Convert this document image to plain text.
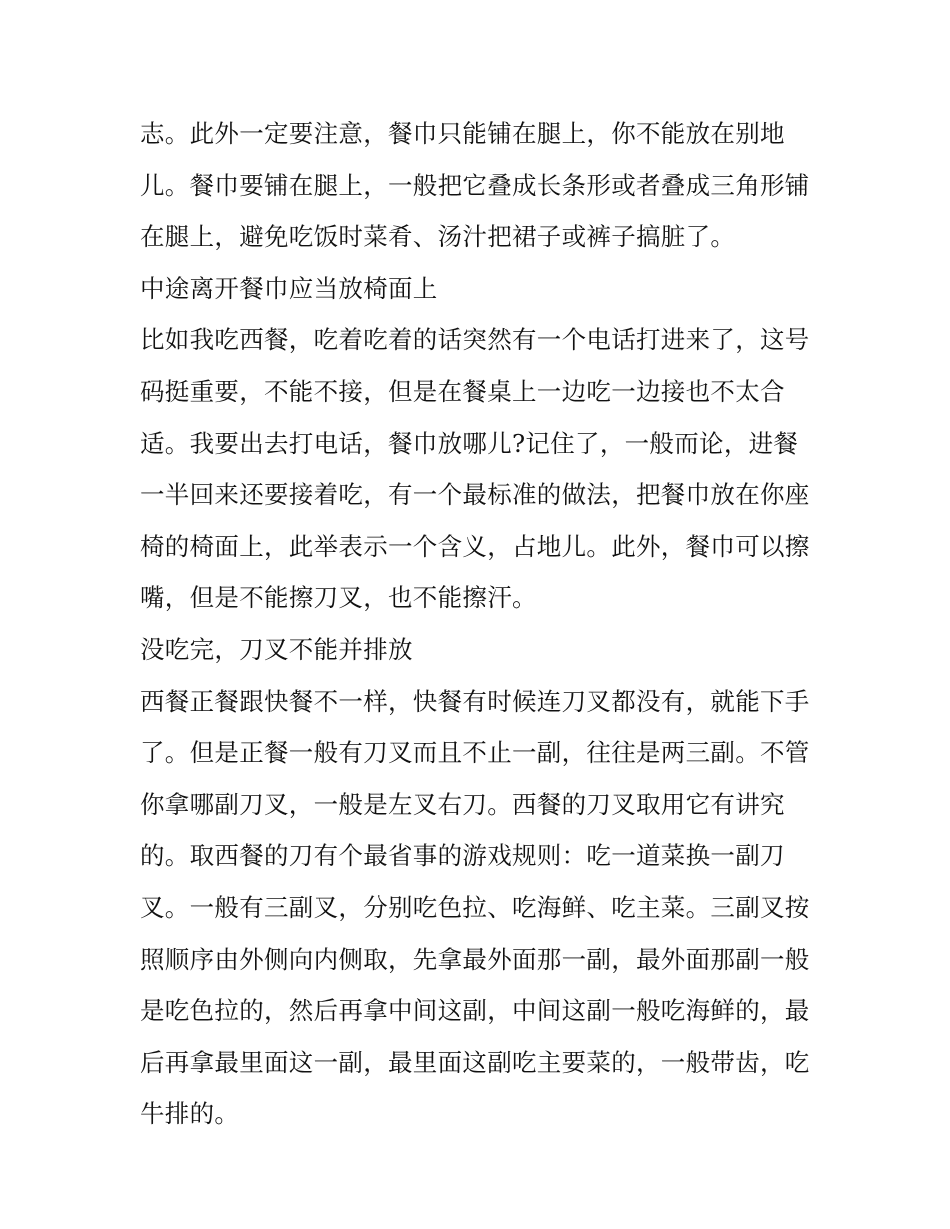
志。此外一定要注意，餐巾只能铺在腿上，你不能放在别地
儿。餐巾要铺在腿上，一般把它叠成长条形或者叠成三角形铺
在腿上，避免吃饭时菜肴、汤汁把裙子或裤子搞脏了。
中途离开餐巾应当放椅面上
比如我吃西餐，吃着吃着的话突然有一个电话打进来了，这号
码挺重要，不能不接，但是在餐桌上一边吃一边接也不太合
适。我要出去打电话，餐巾放哪儿?记住了，一般而论，进餐
一半回来还要接着吃，有一个最标准的做法，把餐巾放在你座
椅的椅面上，此举表示一个含义，占地儿。此外，餐巾可以擦
嘴，但是不能擦刀叉，也不能擦汗。
没吃完，刀叉不能并排放
西餐正餐跟快餐不一样，快餐有时候连刀叉都没有，就能下手
了。但是正餐一般有刀叉而且不止一副，往往是两三副。不管
你拿哪副刀叉，一般是左叉右刀。西餐的刀叉取用它有讲究
的。取西餐的刀有个最省事的游戏规则：吃一道菜换一副刀
叉。一般有三副叉，分别吃色拉、吃海鲜、吃主菜。三副叉按
照顺序由外侧向内侧取，先拿最外面那一副，最外面那副一般
是吃色拉的，然后再拿中间这副，中间这副一般吃海鲜的，最
后再拿最里面这一副，最里面这副吃主要菜的，一般带齿，吃
牛排的。
